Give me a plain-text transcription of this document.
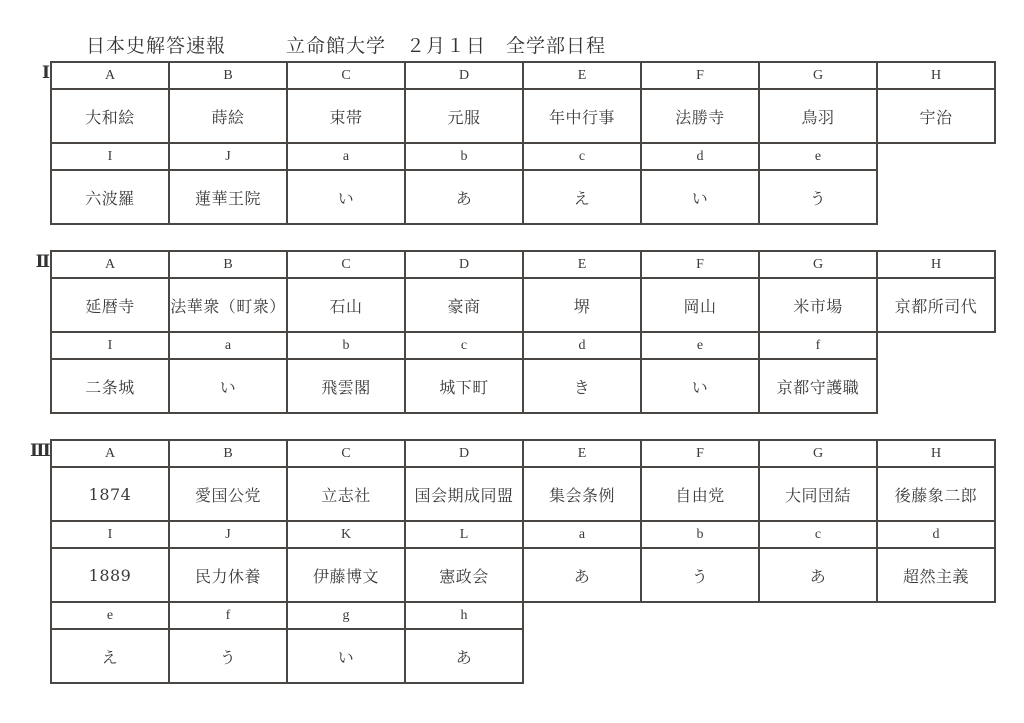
日本史解答速報　　　立命館大学　２月１日　全学部日程
Ⅰ	A	B	C	D	E	F	G	H
大和絵	蒔絵	束帯	元服	年中行事	法勝寺	鳥羽	宇治
I	J	a	b	c	d	e	
六波羅	蓮華王院	い	あ	え	い	う	
Ⅱ	A	B	C	D	E	F	G	H
延暦寺	法華衆（町衆）	石山	豪商	堺	岡山	米市場	京都所司代
I	a	b	c	d	e	f	
二条城	い	飛雲閣	城下町	き	い	京都守護職	
Ⅲ	A	B	C	D	E	F	G	H
1874	愛国公党	立志社	国会期成同盟	集会条例	自由党	大同団結	後藤象二郎
I	J	K	L	a	b	c	d
1889	民力休養	伊藤博文	憲政会	あ	う	あ	超然主義
e	f	g	h				
え	う	い	あ				
